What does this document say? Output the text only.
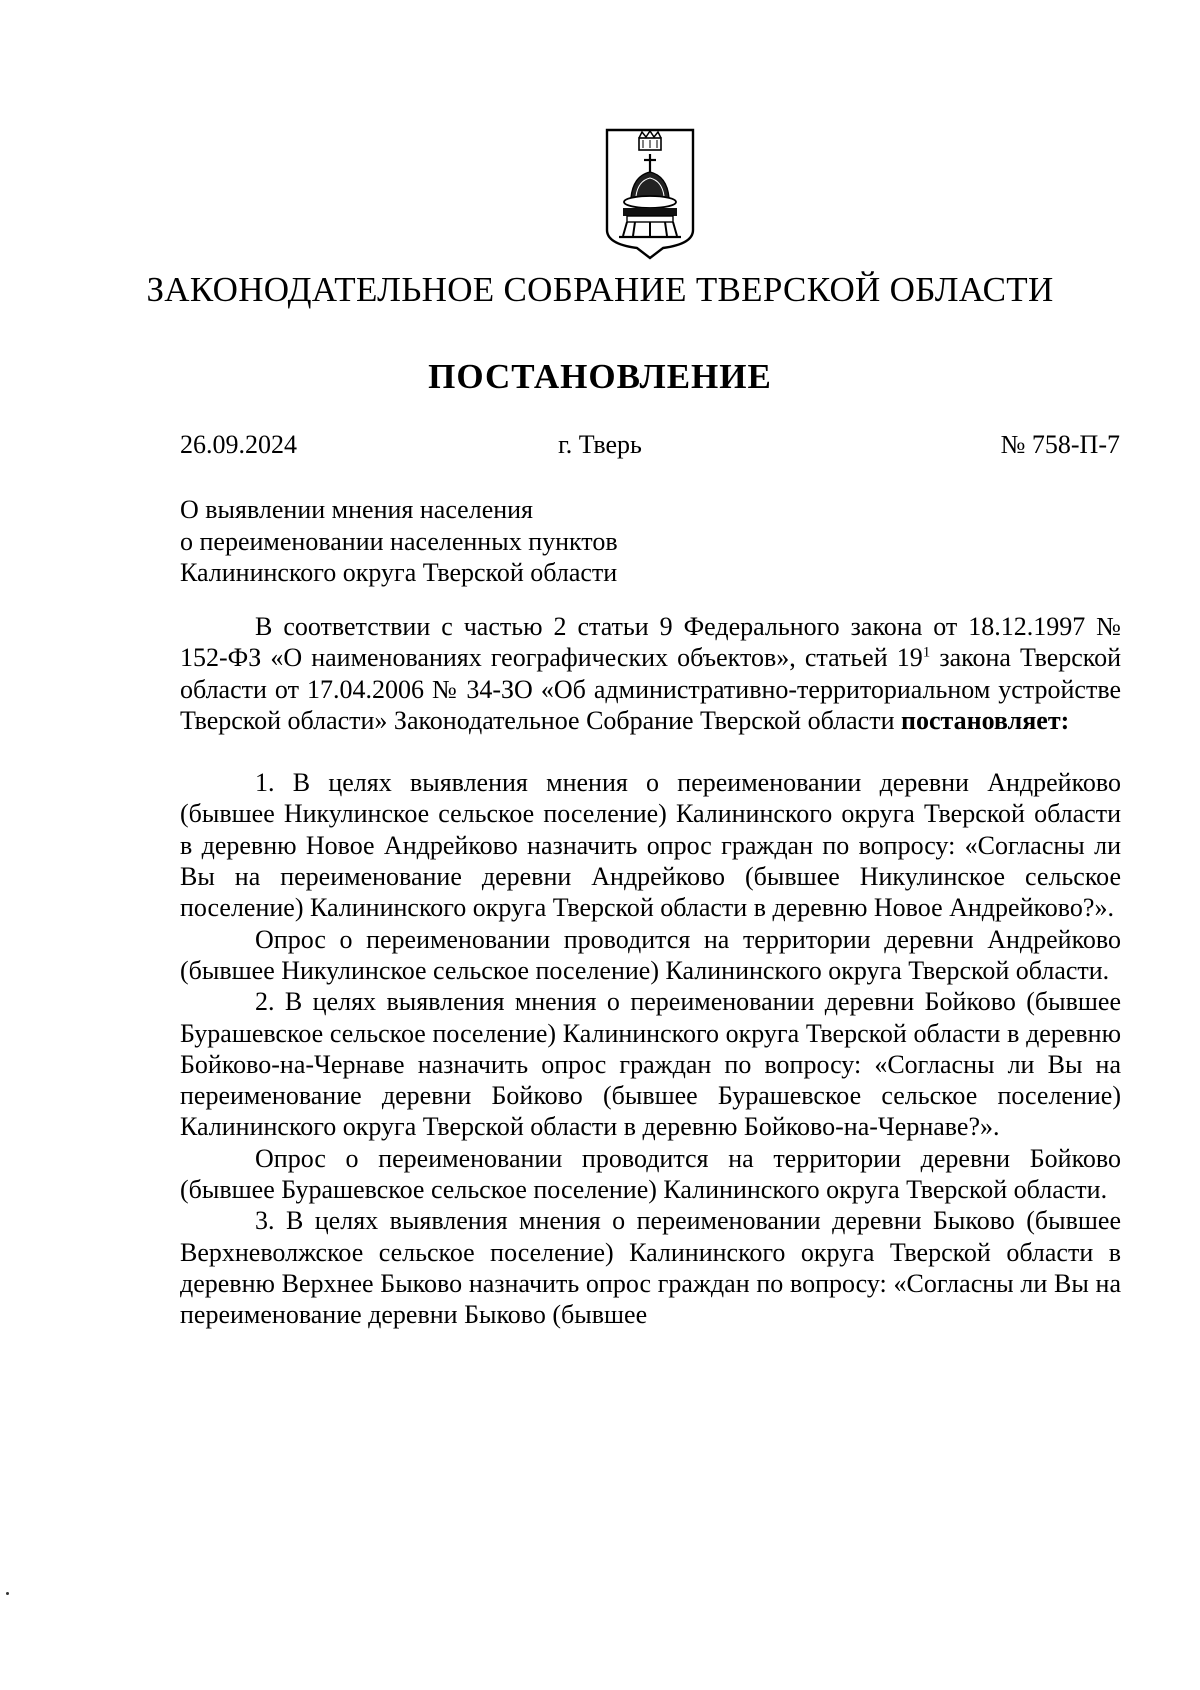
ЗАКОНОДАТЕЛЬНОЕ СОБРАНИЕ ТВЕРСКОЙ ОБЛАСТИ
ПОСТАНОВЛЕНИЕ
26.09.2024	г. Тверь	№ 758-П-7
О выявлении мнения населения
о переименовании населенных пунктов
Калининского округа Тверской области

В соответствии с частью 2 статьи 9 Федерального закона от 18.12.1997 № 152-ФЗ «О наименованиях географических объектов», статьей $19^1$ закона Тверской области от 17.04.2006 № 34-ЗО «Об административно-территориальном устройстве Тверской области» Законодательное Собрание Тверской области постановляет:

1. В целях выявления мнения о переименовании деревни Андрейково (бывшее Никулинское сельское поселение) Калининского округа Тверской области в деревню Новое Андрейково назначить опрос граждан по вопросу: «Согласны ли Вы на переименование деревни Андрейково (бывшее Никулинское сельское поселение) Калининского округа Тверской области в деревню Новое Андрейково?».

Опрос о переименовании проводится на территории деревни Андрейково (бывшее Никулинское сельское поселение) Калининского округа Тверской области.

2. В целях выявления мнения о переименовании деревни Бойково (бывшее Бурашевское сельское поселение) Калининского округа Тверской области в деревню Бойково-на-Чернаве назначить опрос граждан по вопросу: «Согласны ли Вы на переименование деревни Бойково (бывшее Бурашевское сельское поселение) Калининского округа Тверской области в деревню Бойково-на-Чернаве?».

Опрос о переименовании проводится на территории деревни Бойково (бывшее Бурашевское сельское поселение) Калининского округа Тверской области.

3. В целях выявления мнения о переименовании деревни Быково (бывшее Верхневолжское сельское поселение) Калининского округа Тверской области в деревню Верхнее Быково назначить опрос граждан по вопросу: «Согласны ли Вы на переименование деревни Быково (бывшее
